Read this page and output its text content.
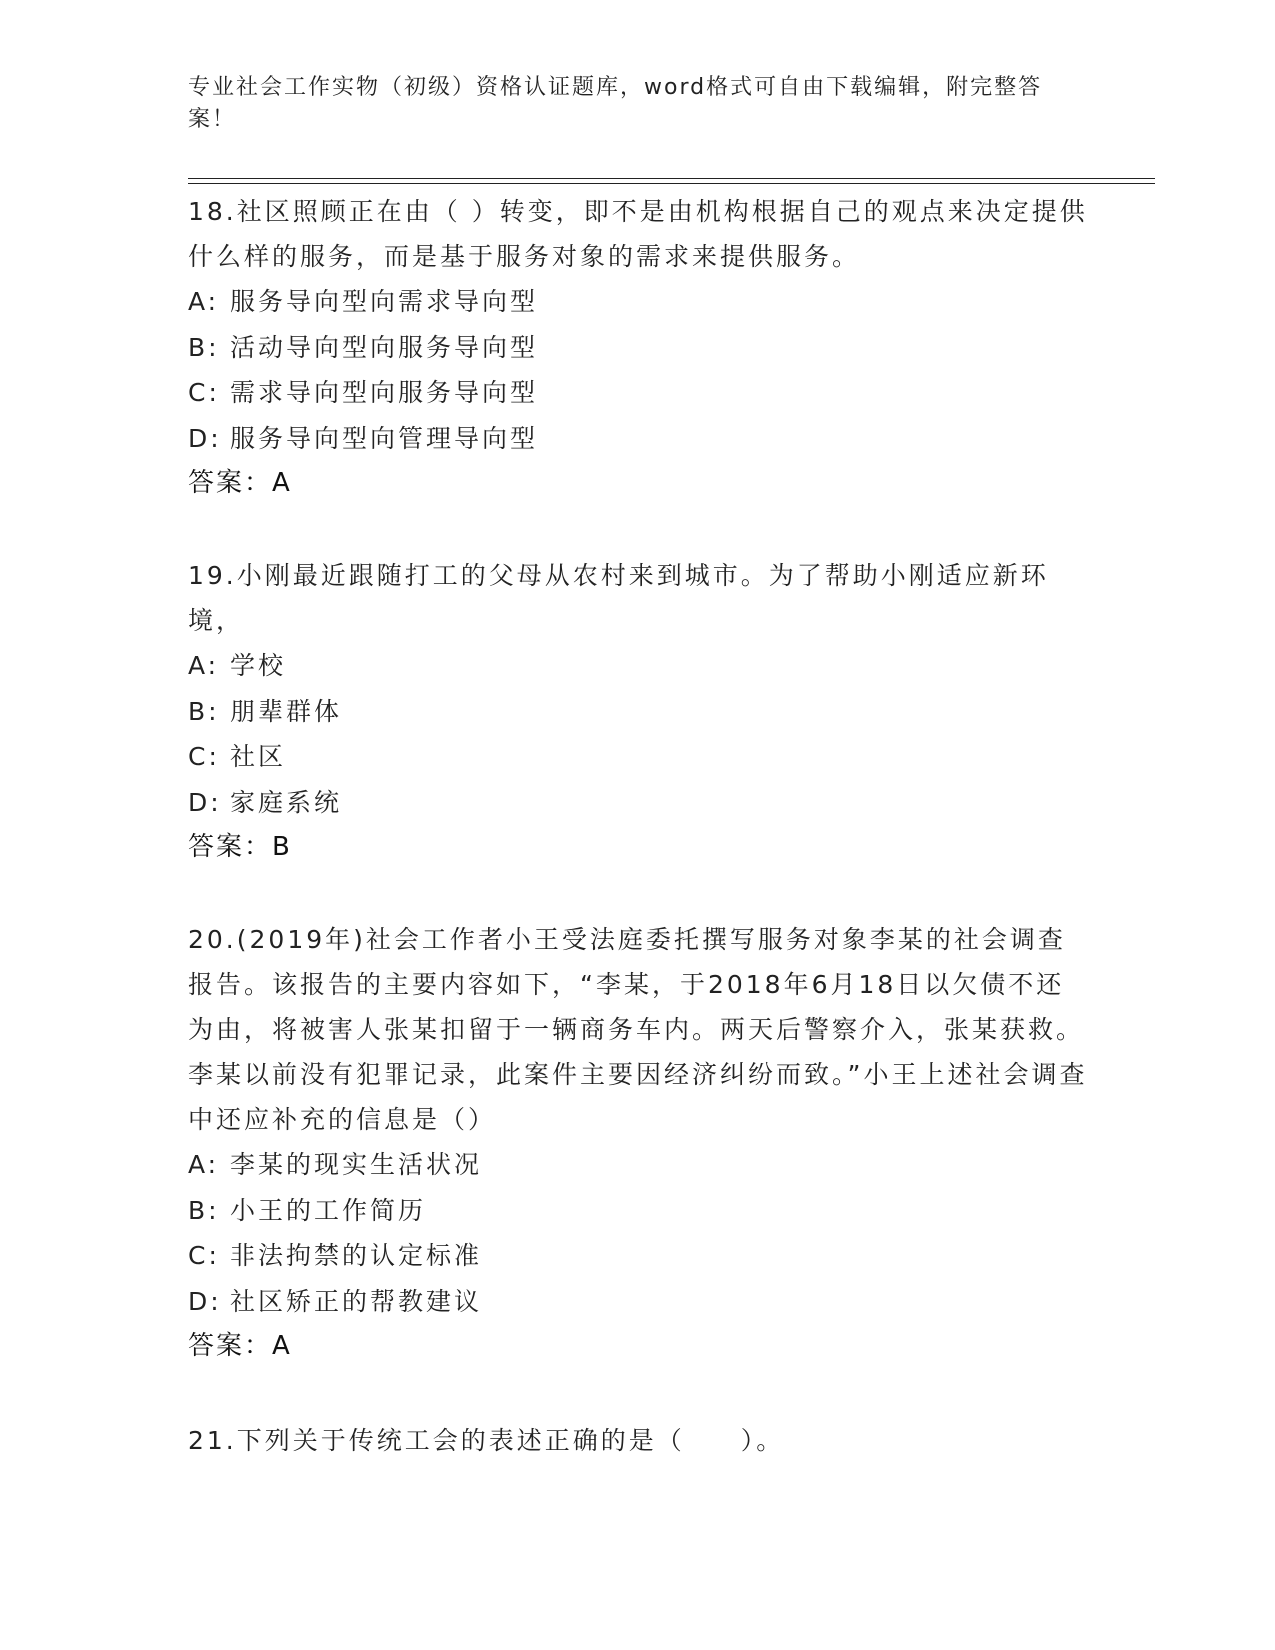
专业社会工作实物（初级）资格认证题库，word格式可自由下载编辑，附完整答案！

18.社区照顾正在由（ ）转变，即不是由机构根据自己的观点来决定提供什么样的服务，而是基于服务对象的需求来提供服务。

A: 服务导向型向需求导向型

B: 活动导向型向服务导向型

C: 需求导向型向服务导向型

D: 服务导向型向管理导向型

答案：A

19.小刚最近跟随打工的父母从农村来到城市。为了帮助小刚适应新环境，

A: 学校

B: 朋辈群体

C: 社区

D: 家庭系统

答案：B

20.(2019年)社会工作者小王受法庭委托撰写服务对象李某的社会调查报告。该报告的主要内容如下，“李某，于2018年6月18日以欠债不还为由，将被害人张某扣留于一辆商务车内。两天后警察介入，张某获救。李某以前没有犯罪记录，此案件主要因经济纠纷而致。”小王上述社会调查中还应补充的信息是（）

A: 李某的现实生活状况

B: 小王的工作简历

C: 非法拘禁的认定标准

D: 社区矫正的帮教建议

答案：A

21.下列关于传统工会的表述正确的是（　　）。
